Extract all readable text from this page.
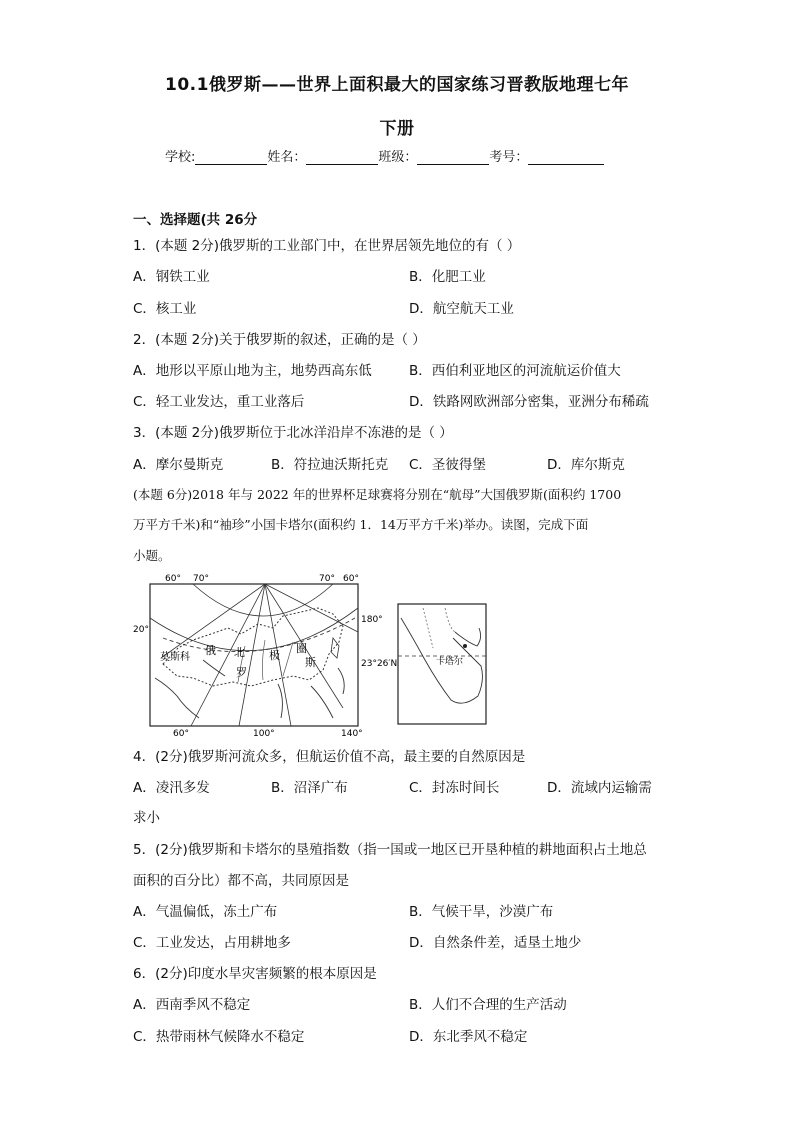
10.1俄罗斯——世界上面积最大的国家练习晋教版地理七年
下册
学校:	姓名：	班级：	考号：
一、选择题(共 26分
1．(本题 2分)俄罗斯的工业部门中，在世界居领先地位的有（ ）
A．钢铁工业	B．化肥工业
C．核工业	D．航空航天工业
2．(本题 2分)关于俄罗斯的叙述，正确的是（ ）
A．地形以平原山地为主，地势西高东低	B．西伯利亚地区的河流航运价值大
C．轻工业发达，重工业落后	D．铁路网欧洲部分密集，亚洲分布稀疏
3．(本题 2分)俄罗斯位于北冰洋沿岸不冻港的是（ ）
A．摩尔曼斯克	B．符拉迪沃斯托克 C．圣彼得堡	D．库尔斯克
(本题 6分)2018 年与 2022 年的世界杯足球赛将分别在“航母”大国俄罗斯(面积约 1700
万平方千米)和“袖珍”小国卡塔尔(面积约 1．14万平方千米)举办。读图，完成下面
小题。
60° 70°	70° 60°
20°
180°
23°26′N
莫斯科
俄 北
罗
极
圈
斯
60°	100°	140°
卡塔尔
4．(2分)俄罗斯河流众多，但航运价值不高，最主要的自然原因是
A．凌汛多发	B．沼泽广布	C．封冻时间长	D．流域内运输需
求小
5．(2分)俄罗斯和卡塔尔的垦殖指数（指一国或一地区已开垦种植的耕地面积占土地总
面积的百分比）都不高，共同原因是
A．气温偏低，冻土广布	B．气候干旱，沙漠广布
C．工业发达，占用耕地多	D．自然条件差，适垦土地少
6．(2分)印度水旱灾害频繁的根本原因是
A．西南季风不稳定	B．人们不合理的生产活动
C．热带雨林气候降水不稳定	D．东北季风不稳定
